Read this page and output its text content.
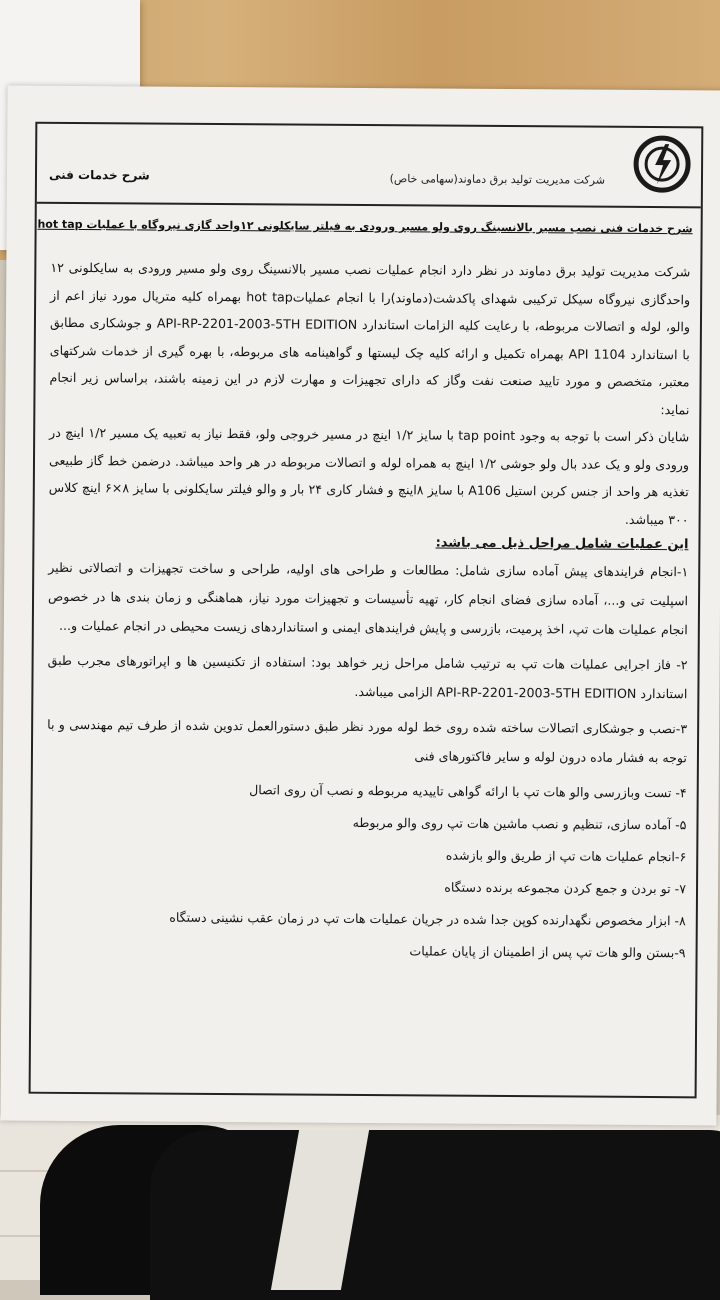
شرکت مدیریت تولید برق دماوند(سهامی خاص)
شرح خدمات فنی
شرح خدمات فنی نصب مسیر بالانسینگ روی ولو مسیر ورودی به فیلتر سایکلونی ۱۲واحد گازی نیروگاه با عملیات hot tap

شرکت مدیریت تولید برق دماوند در نظر دارد انجام عملیات نصب مسیر بالانسینگ روی ولو مسیر ورودی به سایکلونی ۱۲ واحدگازی نیروگاه سیکل ترکیبی شهدای پاکدشت(دماوند)را با انجام عملیاتhot tap بهمراه کلیه متریال مورد نیاز اعم از والو، لوله و اتصالات مربوطه، با رعایت کلیه الزامات استاندارد API-RP-2201-2003-5TH EDITION و جوشکاری مطابق با استاندارد API 1104 بهمراه تکمیل و ارائه کلیه چک لیستها و گواهینامه های مربوطه، با بهره گیری از خدمات شرکتهای معتبر، متخصص و مورد تایید صنعت نفت وگاز که دارای تجهیزات و مهارت لازم در این زمینه باشند، براساس زیر انجام نماید:

شایان ذکر است با توجه به وجود tap point با سایز ۱/۲ اینچ در مسیر خروجی ولو، فقط نیاز به تعبیه یک مسیر ۱/۲ اینچ در ورودی ولو و یک عدد بال ولو جوشی ۱/۲ اینچ به همراه لوله و اتصالات مربوطه در هر واحد میباشد. درضمن خط گاز طبیعی تغذیه هر واحد از جنس کربن استیل A106 با سایز ۸اینچ و فشار کاری ۲۴ بار و والو فیلتر سایکلونی با سایز ۸×۶ اینچ کلاس ۳۰۰ میباشد.

این عملیات شامل مراحل ذیل می باشد:

۱-انجام فرایندهای پیش آماده سازی شامل: مطالعات و طراحی های اولیه، طراحی و ساخت تجهیزات و اتصالاتی نظیر اسپلیت تی و...، آماده سازی فضای انجام کار، تهیه تأسیسات و تجهیزات مورد نیاز، هماهنگی و زمان بندی ها در خصوص انجام عملیات هات تپ، اخذ پرمیت، بازرسی و پایش فرایندهای ایمنی و استانداردهای زیست محیطی در انجام عملیات و...

۲- فاز اجرایی عملیات هات تپ به ترتیب شامل مراحل زیر خواهد بود: استفاده از تکنیسین ها و اپراتورهای مجرب طبق استاندارد API-RP-2201-2003-5TH EDITION الزامی میباشد.

۳-نصب و جوشکاری اتصالات ساخته شده روی خط لوله مورد نظر طبق دستورالعمل تدوین شده از طرف تیم مهندسی و با توجه به فشار ماده درون لوله و سایر فاکتورهای فنی

۴- تست وبازرسی والو هات تپ با ارائه گواهی تاییدیه مربوطه و نصب آن روی اتصال

۵- آماده سازی، تنظیم و نصب ماشین هات تپ روی والو مربوطه

۶-انجام عملیات هات تپ از طریق والو بازشده

۷- تو بردن و جمع کردن مجموعه برنده دستگاه

۸- ابزار مخصوص نگهدارنده کوپن جدا شده در جریان عملیات هات تپ در زمان عقب نشینی دستگاه

۹-بستن والو هات تپ پس از اطمینان از پایان عملیات
